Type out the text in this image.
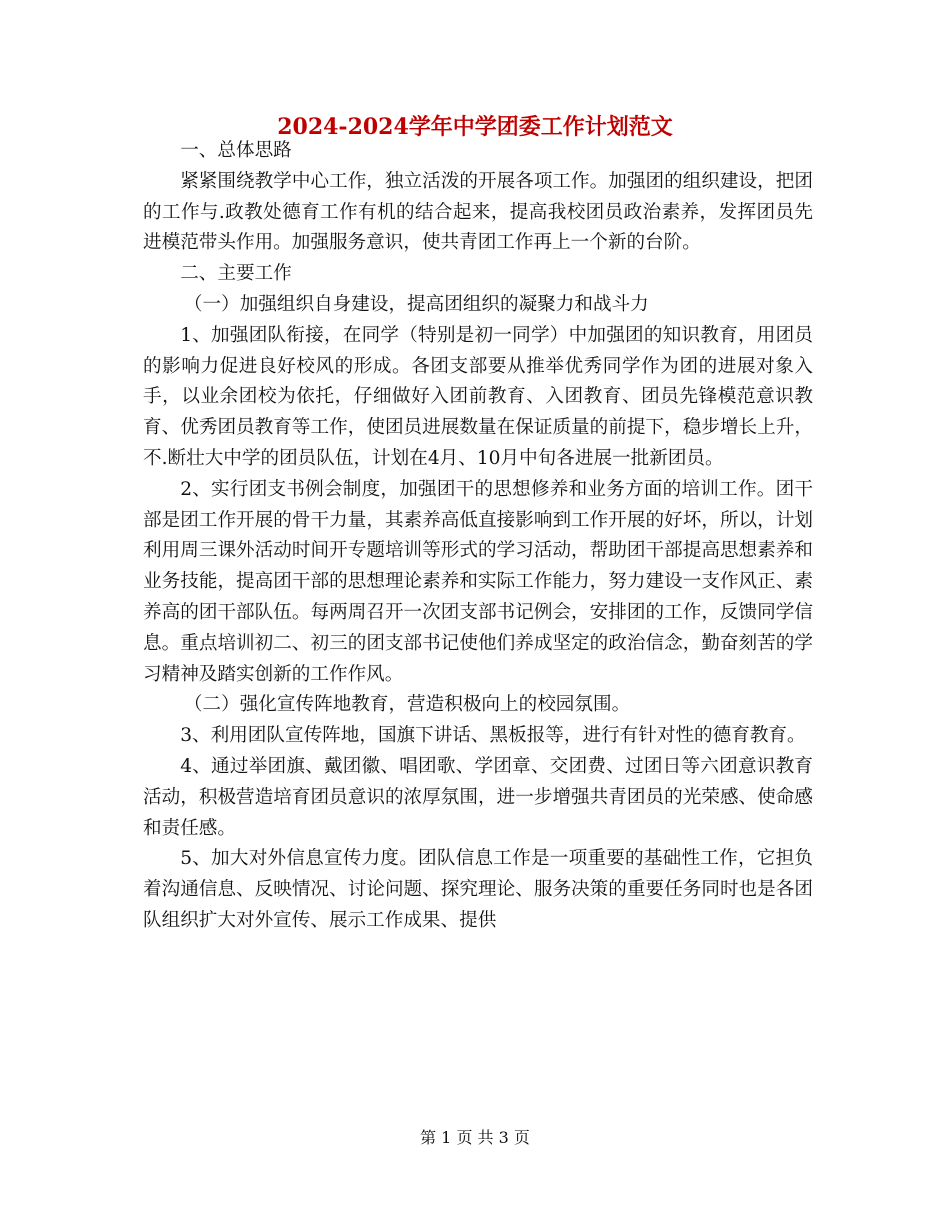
2024-2024学年中学团委工作计划范文

一、总体思路

紧紧围绕教学中心工作，独立活泼的开展各项工作。加强团的组织建设，把团的工作与.政教处德育工作有机的结合起来，提高我校团员政治素养，发挥团员先进模范带头作用。加强服务意识，使共青团工作再上一个新的台阶。

二、主要工作

（一）加强组织自身建设，提高团组织的凝聚力和战斗力

1、加强团队衔接，在同学（特别是初一同学）中加强团的知识教育，用团员的影响力促进良好校风的形成。各团支部要从推举优秀同学作为团的进展对象入手，以业余团校为依托，仔细做好入团前教育、入团教育、团员先锋模范意识教育、优秀团员教育等工作，使团员进展数量在保证质量的前提下，稳步增长上升，不.断壮大中学的团员队伍，计划在4月、10月中旬各进展一批新团员。

2、实行团支书例会制度，加强团干的思想修养和业务方面的培训工作。团干部是团工作开展的骨干力量，其素养高低直接影响到工作开展的好坏，所以，计划利用周三课外活动时间开专题培训等形式的学习活动，帮助团干部提高思想素养和业务技能，提高团干部的思想理论素养和实际工作能力，努力建设一支作风正、素养高的团干部队伍。每两周召开一次团支部书记例会，安排团的工作，反馈同学信息。重点培训初二、初三的团支部书记使他们养成坚定的政治信念，勤奋刻苦的学习精神及踏实创新的工作作风。

（二）强化宣传阵地教育，营造积极向上的校园氛围。

3、利用团队宣传阵地，国旗下讲话、黑板报等，进行有针对性的德育教育。

4、通过举团旗、戴团徽、唱团歌、学团章、交团费、过团日等六团意识教育活动，积极营造培育团员意识的浓厚氛围，进一步增强共青团员的光荣感、使命感和责任感。

5、加大对外信息宣传力度。团队信息工作是一项重要的基础性工作，它担负着沟通信息、反映情况、讨论问题、探究理论、服务决策的重要任务同时也是各团队组织扩大对外宣传、展示工作成果、提供

第 1 页 共 3 页
